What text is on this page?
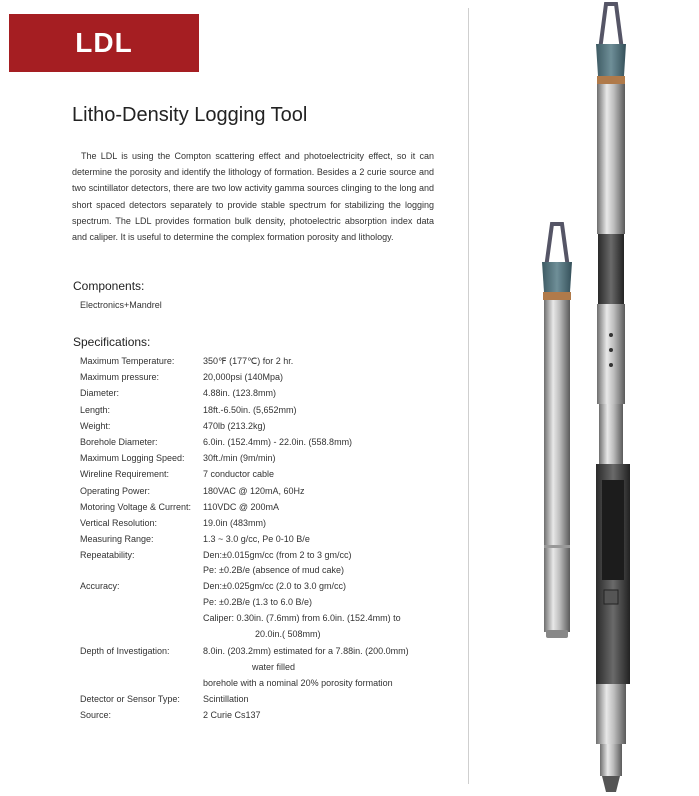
LDL
Litho-Density Logging Tool

The LDL is using the Compton scattering effect and photoelectricity effect, so it can determine the porosity and identify the lithology of formation. Besides a 2 curie source and two scintillator detectors, there are two low activity gamma sources clinging to the long and short spaced detectors separately to provide stable spectrum for stabilizing the logging spectrum. The LDL provides formation bulk density, photoelectric absorption index data and caliper. It is useful to determine the complex formation porosity and lithology.

Components:
Electronics+Mandrel
Specifications:
Maximum Temperature:	350℉ (177℃) for 2 hr.
Maximum pressure:	20,000psi (140Mpa)
Diameter:	4.88in. (123.8mm)
Length:	18ft.-6.50in. (5,652mm)
Weight:	470lb (213.2kg)
Borehole Diameter:	6.0in. (152.4mm) - 22.0in. (558.8mm)
Maximum Logging Speed: 30ft./min (9m/min)
Wireline Requirement:	7 conductor cable
Operating Power:	180VAC @ 120mA, 60Hz
Motoring Voltage & Current: 110VDC @ 200mA
Vertical Resolution:	19.0in (483mm)
Measuring Range:	1.3 ~ 3.0 g/cc, Pe 0-10 B/e
Repeatability:	Den:±0.015gm/cc (from 2 to 3 gm/cc)
Pe: ±0.2B/e (absence of mud cake)
Accuracy:	Den:±0.025gm/cc (2.0 to 3.0 gm/cc)
Pe: ±0.2B/e (1.3 to 6.0 B/e)
Caliper: 0.30in. (7.6mm) from 6.0in. (152.4mm) to
20.0in.( 508mm)
Depth of Investigation:	8.0in. (203.2mm) estimated for a 7.88in. (200.0mm)
water filled
borehole with a nominal 20% porosity formation
Detector or Sensor Type:	Scintillation
Source:	2 Curie Cs137
